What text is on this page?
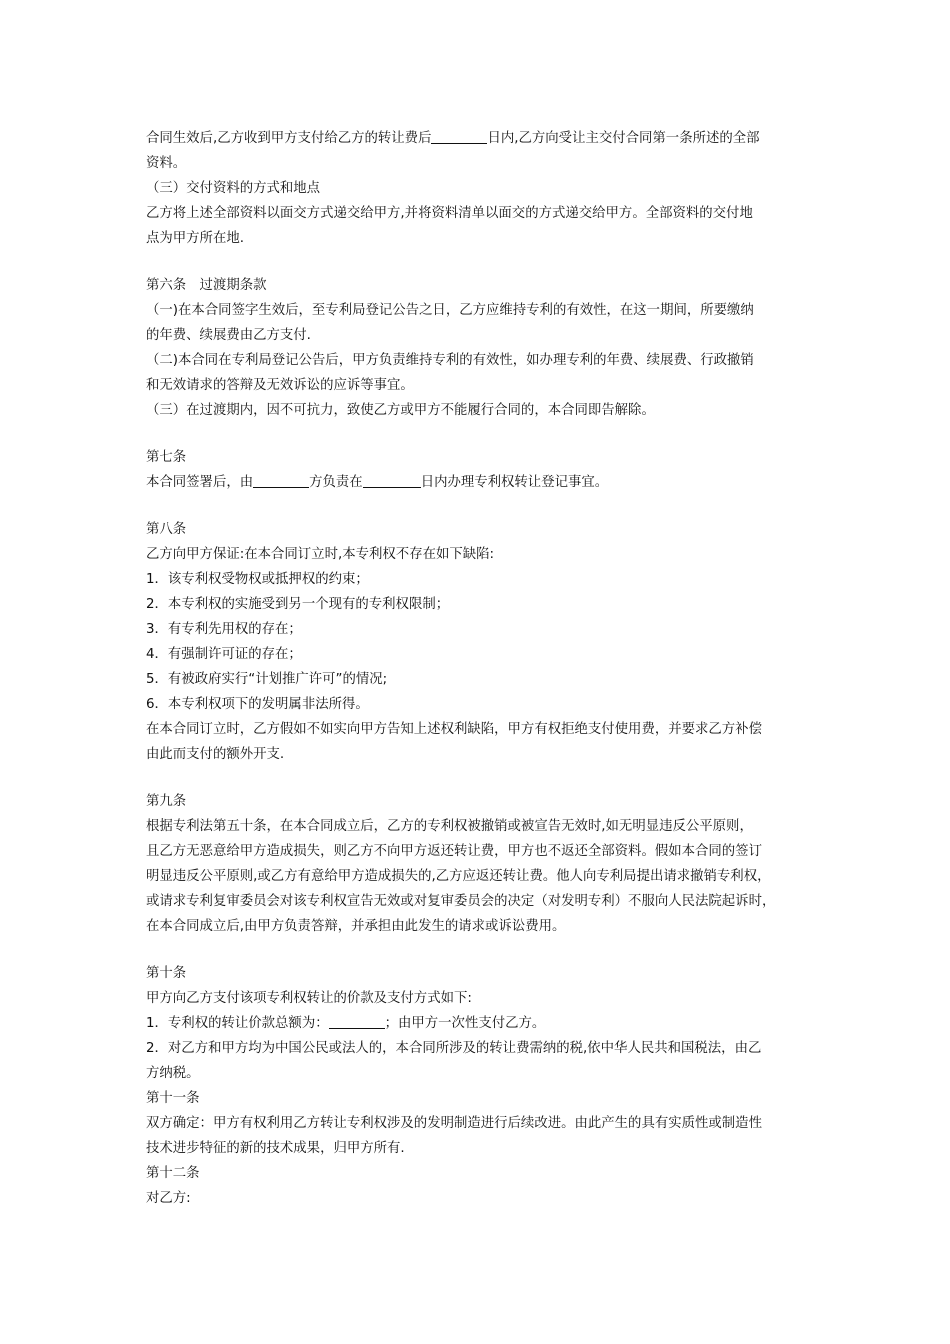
合同生效后,乙方收到甲方支付给乙方的转让费后	日内,乙方向受让主交付合同第一条所述的全部
资料。
（三）交付资料的方式和地点
乙方将上述全部资料以面交方式递交给甲方,并将资料清单以面交的方式递交给甲方。全部资料的交付地
点为甲方所在地.
第六条　过渡期条款
（一)在本合同签字生效后，至专利局登记公告之日，乙方应维持专利的有效性，在这一期间，所要缴纳
的年费、续展费由乙方支付.
（二)本合同在专利局登记公告后，甲方负责维持专利的有效性，如办理专利的年费、续展费、行政撤销
和无效请求的答辩及无效诉讼的应诉等事宜。
（三）在过渡期内，因不可抗力，致使乙方或甲方不能履行合同的，本合同即告解除。
第七条
本合同签署后，由	方负责在	日内办理专利权转让登记事宜。
第八条
乙方向甲方保证:在本合同订立时,本专利权不存在如下缺陷:
1．该专利权受物权或抵押权的约束；
2．本专利权的实施受到另一个现有的专利权限制；
3．有专利先用权的存在；
4．有强制许可证的存在；
5．有被政府实行“计划推广许可”的情况;
6．本专利权项下的发明属非法所得。
在本合同订立时，乙方假如不如实向甲方告知上述权利缺陷，甲方有权拒绝支付使用费，并要求乙方补偿
由此而支付的额外开支.
第九条
根据专利法第五十条，在本合同成立后，乙方的专利权被撤销或被宣告无效时,如无明显违反公平原则，
且乙方无恶意给甲方造成损失，则乙方不向甲方返还转让费，甲方也不返还全部资料。假如本合同的签订
明显违反公平原则,或乙方有意给甲方造成损失的,乙方应返还转让费。他人向专利局提出请求撤销专利权，
或请求专利复审委员会对该专利权宣告无效或对复审委员会的决定（对发明专利）不服向人民法院起诉时，
在本合同成立后,由甲方负责答辩，并承担由此发生的请求或诉讼费用。
第十条
甲方向乙方支付该项专利权转让的价款及支付方式如下:
1．专利权的转让价款总额为：	；由甲方一次性支付乙方。
2．对乙方和甲方均为中国公民或法人的，本合同所涉及的转让费需纳的税,依中华人民共和国税法，由乙
方纳税。
第十一条
双方确定：甲方有权利用乙方转让专利权涉及的发明制造进行后续改进。由此产生的具有实质性或制造性
技术进步特征的新的技术成果，归甲方所有.
第十二条
对乙方:
